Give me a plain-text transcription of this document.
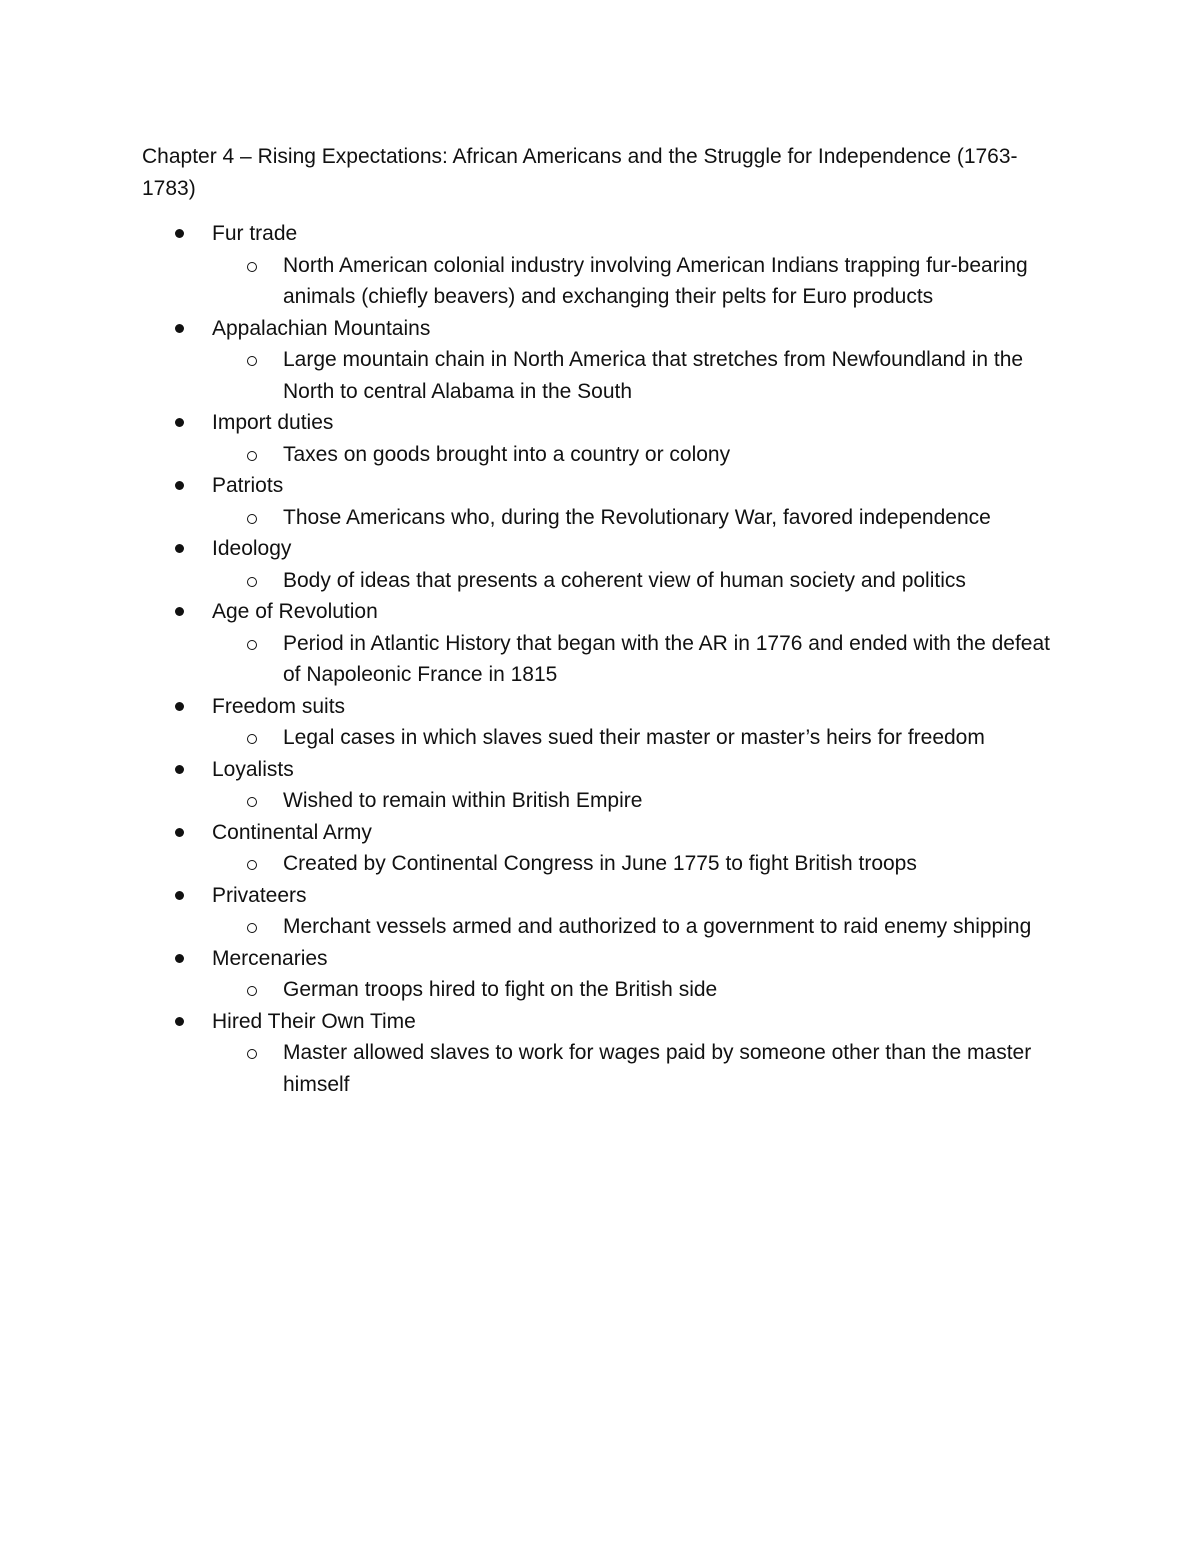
Chapter 4 – Rising Expectations: African Americans and the Struggle for Independence (1763-1783)
Fur trade
North American colonial industry involving American Indians trapping fur-bearing animals (chiefly beavers) and exchanging their pelts for Euro products
Appalachian Mountains
Large mountain chain in North America that stretches from Newfoundland in the North to central Alabama in the South
Import duties
Taxes on goods brought into a country or colony
Patriots
Those Americans who, during the Revolutionary War, favored independence
Ideology
Body of ideas that presents a coherent view of human society and politics
Age of Revolution
Period in Atlantic History that began with the AR in 1776 and ended with the defeat of Napoleonic France in 1815
Freedom suits
Legal cases in which slaves sued their master or master’s heirs for freedom
Loyalists
Wished to remain within British Empire
Continental Army
Created by Continental Congress in June 1775 to fight British troops
Privateers
Merchant vessels armed and authorized to a government to raid enemy shipping
Mercenaries
German troops hired to fight on the British side
Hired Their Own Time
Master allowed slaves to work for wages paid by someone other than the master himself
